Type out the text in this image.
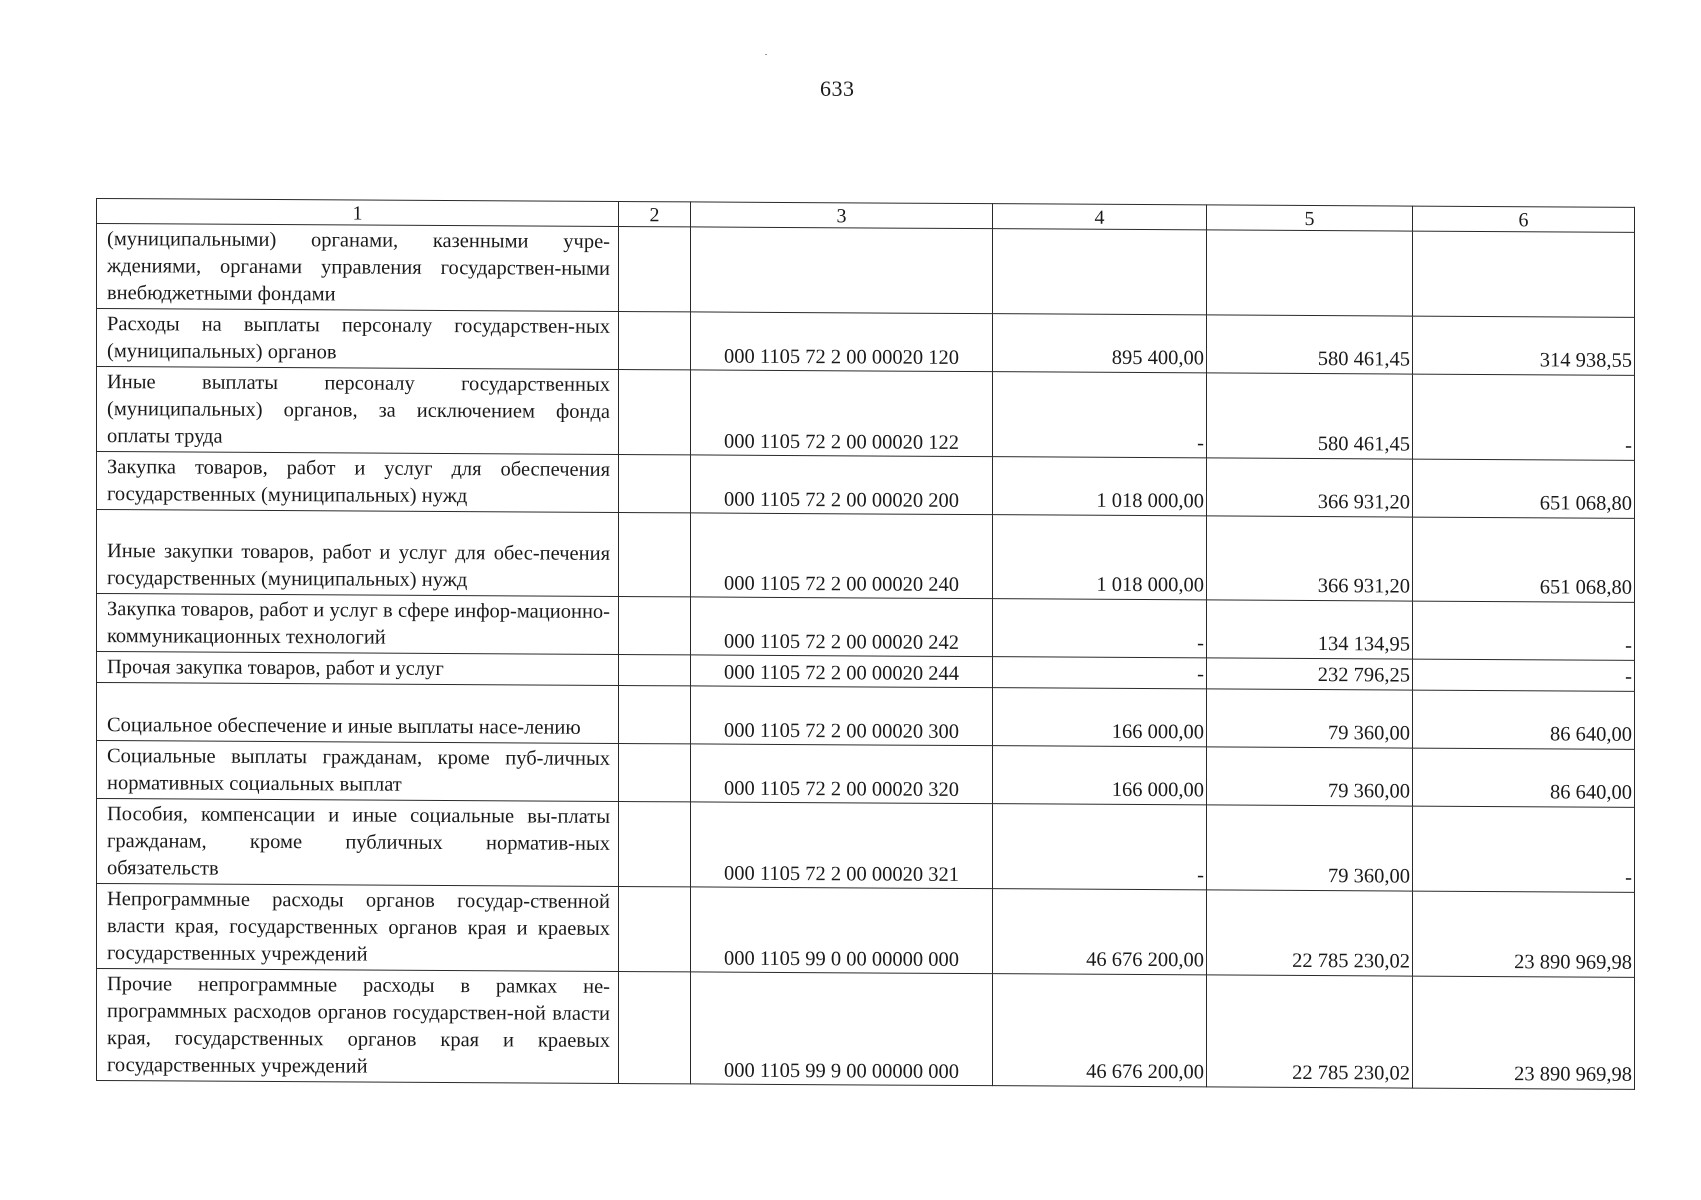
633
1	2	3	4	5	6
(муниципальными) органами, казенными учре-ждениями, органами управления государствен-ными внебюджетными фондами					
Расходы на выплаты персоналу государствен-ных (муниципальных) органов		000 1105 72 2 00 00020 120	895 400,00	580 461,45	314 938,55
Иные выплаты персоналу государственных (муниципальных) органов, за исключением фонда оплаты труда		000 1105 72 2 00 00020 122	-	580 461,45	-
Закупка товаров, работ и услуг для обеспечения государственных (муниципальных) нужд		000 1105 72 2 00 00020 200	1 018 000,00	366 931,20	651 068,80
Иные закупки товаров, работ и услуг для обес-печения государственных (муниципальных) нужд		000 1105 72 2 00 00020 240	1 018 000,00	366 931,20	651 068,80
Закупка товаров, работ и услуг в сфере инфор-мационно-коммуникационных технологий		000 1105 72 2 00 00020 242	-	134 134,95	-
Прочая закупка товаров, работ и услуг		000 1105 72 2 00 00020 244	-	232 796,25	-
Социальное обеспечение и иные выплаты насе-лению		000 1105 72 2 00 00020 300	166 000,00	79 360,00	86 640,00
Социальные выплаты гражданам, кроме пуб-личных нормативных социальных выплат		000 1105 72 2 00 00020 320	166 000,00	79 360,00	86 640,00
Пособия, компенсации и иные социальные вы-платы гражданам, кроме публичных норматив-ных обязательств		000 1105 72 2 00 00020 321	-	79 360,00	-
Непрограммные расходы органов государ-ственной власти края, государственных органов края и краевых государственных учреждений		000 1105 99 0 00 00000 000	46 676 200,00	22 785 230,02	23 890 969,98
Прочие непрограммные расходы в рамках не-программных расходов органов государствен-ной власти края, государственных органов края и краевых государственных учреждений		000 1105 99 9 00 00000 000	46 676 200,00	22 785 230,02	23 890 969,98
